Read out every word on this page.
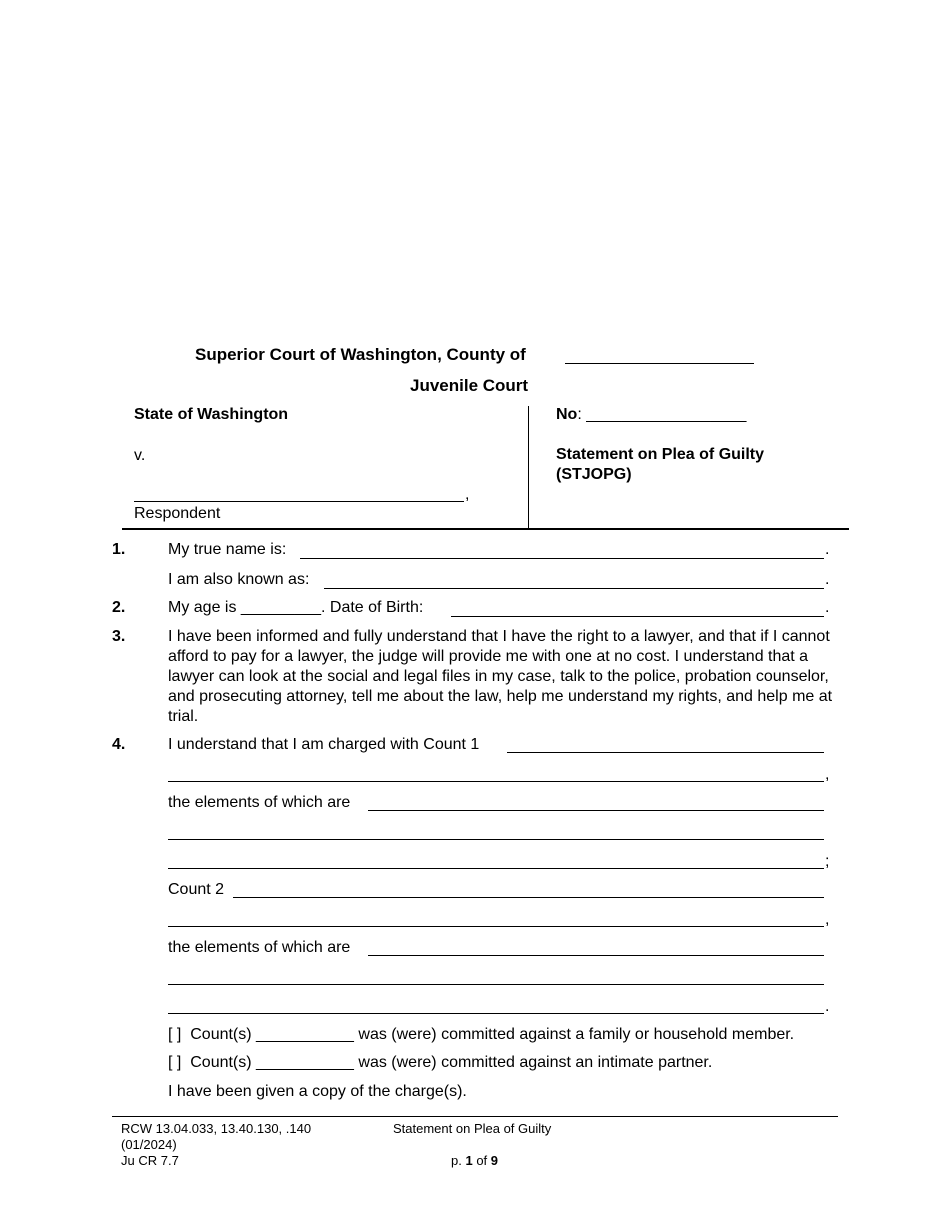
Superior Court of Washington, County of
Juvenile Court
State of Washington
v.
,
Respondent
No: __________________
Statement on Plea of Guilty
(STJOPG)
1.	My true name is:	.
I am also known as:	.
2.	My age is _________. Date of Birth:	.
3.	I have been informed and fully understand that I have the right to a lawyer, and that if I cannot afford to pay for a lawyer, the judge will provide me with one at no cost. I understand that a lawyer can look at the social and legal files in my case, talk to the police, probation counselor, and prosecuting attorney, tell me about the law, help me understand my rights, and help me at trial.
4.	I understand that I am charged with Count 1
,
the elements of which are
;
Count 2
,
the elements of which are
.
[ ] Count(s) ___________ was (were) committed against a family or household member.
[ ] Count(s) ___________ was (were) committed against an intimate partner.
I have been given a copy of the charge(s).
RCW 13.04.033, 13.40.130, .140
(01/2024)
Ju CR 7.7
Statement on Plea of Guilty
p. 1 of 9
